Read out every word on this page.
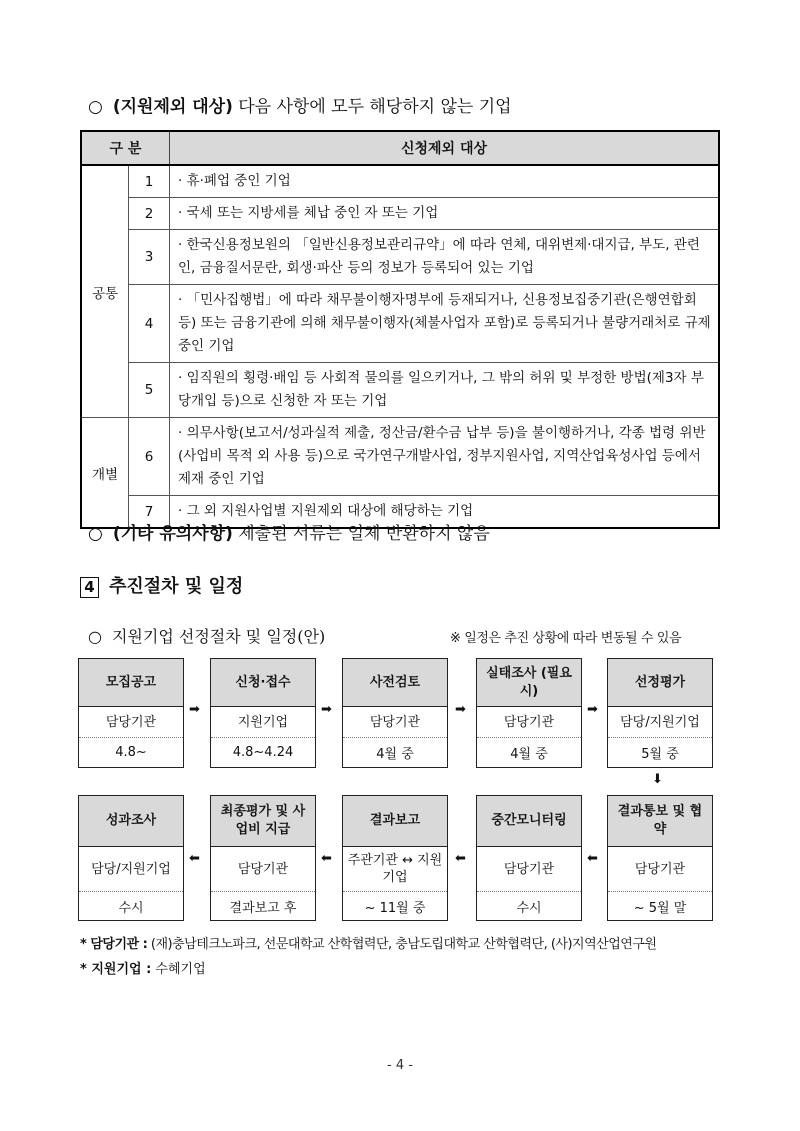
○ (지원제외 대상) 다음 사항에 모두 해당하지 않는 기업
구 분		신청제외 대상
공통	1	· 휴·폐업 중인 기업
	2	· 국세 또는 지방세를 체납 중인 자 또는 기업
	3	· 한국신용정보원의 「일반신용정보관리규약」에 따라 연체, 대위변제·대지급, 부도, 관련인, 금융질서문란, 회생·파산 등의 정보가 등록되어 있는 기업
	4	· 「민사집행법」에 따라 채무불이행자명부에 등재되거나, 신용정보집중기관(은행연합회 등) 또는 금융기관에 의해 채무불이행자(체불사업자 포함)로 등록되거나 불량거래처로 규제 중인 기업
	5	· 임직원의 횡령·배임 등 사회적 물의를 일으키거나, 그 밖의 허위 및 부정한 방법(제3자 부당개입 등)으로 신청한 자 또는 기업
개별	6	· 의무사항(보고서/성과실적 제출, 정산금/환수금 납부 등)을 불이행하거나, 각종 법령 위반(사업비 목적 외 사용 등)으로 국가연구개발사업, 정부지원사업, 지역산업육성사업 등에서 제재 중인 기업
	7	· 그 외 지원사업별 지원제외 대상에 해당하는 기업
○ (기타 유의사항) 제출된 서류는 일체 반환하지 않음
4 추진절차 및 일정
○ 지원기업 선정절차 및 일정(안)	※ 일정은 추진 상황에 따라 변동될 수 있음
모집공고
담당기관
4.8~
➡
신청·접수
지원기업
4.8~4.24
➡
사전검토
담당기관
4월 중
➡
실태조사 (필요시)
담당기관
4월 중
➡
선정평가
담당/지원기업
5월 중
⬇
결과통보 및 협약
담당기관
~ 5월 말
⬅
중간모니터링
담당기관
수시
⬅
결과보고
주관기관 ↔ 지원기업
~ 11월 중
⬅
최종평가 및 사업비 지급
담당기관
결과보고 후
⬅
성과조사
담당/지원기업
수시
* 담당기관 : (재)충남테크노파크, 선문대학교 산학협력단, 충남도립대학교 산학협력단, (사)지역산업연구원
* 지원기업 : 수혜기업
- 4 -
